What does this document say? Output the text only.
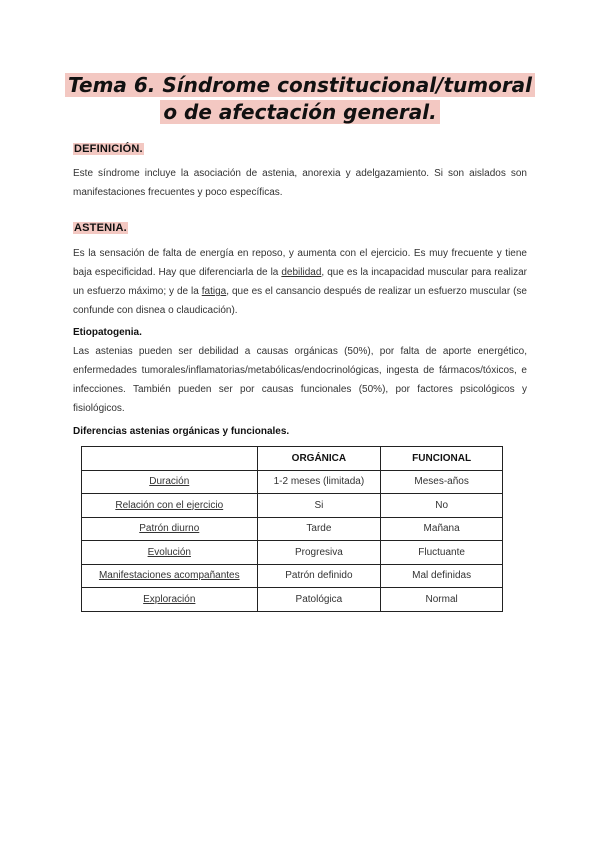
Tema 6. Síndrome constitucional/tumoral
o de afectación general.
DEFINICIÓN.
Este síndrome incluye la asociación de astenia, anorexia y adelgazamiento. Si son aislados son manifestaciones frecuentes y poco específicas.
ASTENIA.
Es la sensación de falta de energía en reposo, y aumenta con el ejercicio. Es muy frecuente y tiene baja especificidad. Hay que diferenciarla de la debilidad, que es la incapacidad muscular para realizar un esfuerzo máximo; y de la fatiga, que es el cansancio después de realizar un esfuerzo muscular (se confunde con disnea o claudicación).
Etiopatogenia.
Las astenias pueden ser debilidad a causas orgánicas (50%), por falta de aporte energético, enfermedades tumorales/inflamatorias/metabólicas/endocrinológicas, ingesta de fármacos/tóxicos, e infecciones. También pueden ser por causas funcionales (50%), por factores psicológicos y fisiológicos.
Diferencias astenias orgánicas y funcionales.
	ORGÁNICA	FUNCIONAL
Duración	1-2 meses (limitada)	Meses-años
Relación con el ejercicio	Si	No
Patrón diurno	Tarde	Mañana
Evolución	Progresiva	Fluctuante
Manifestaciones acompañantes	Patrón definido	Mal definidas
Exploración	Patológica	Normal
